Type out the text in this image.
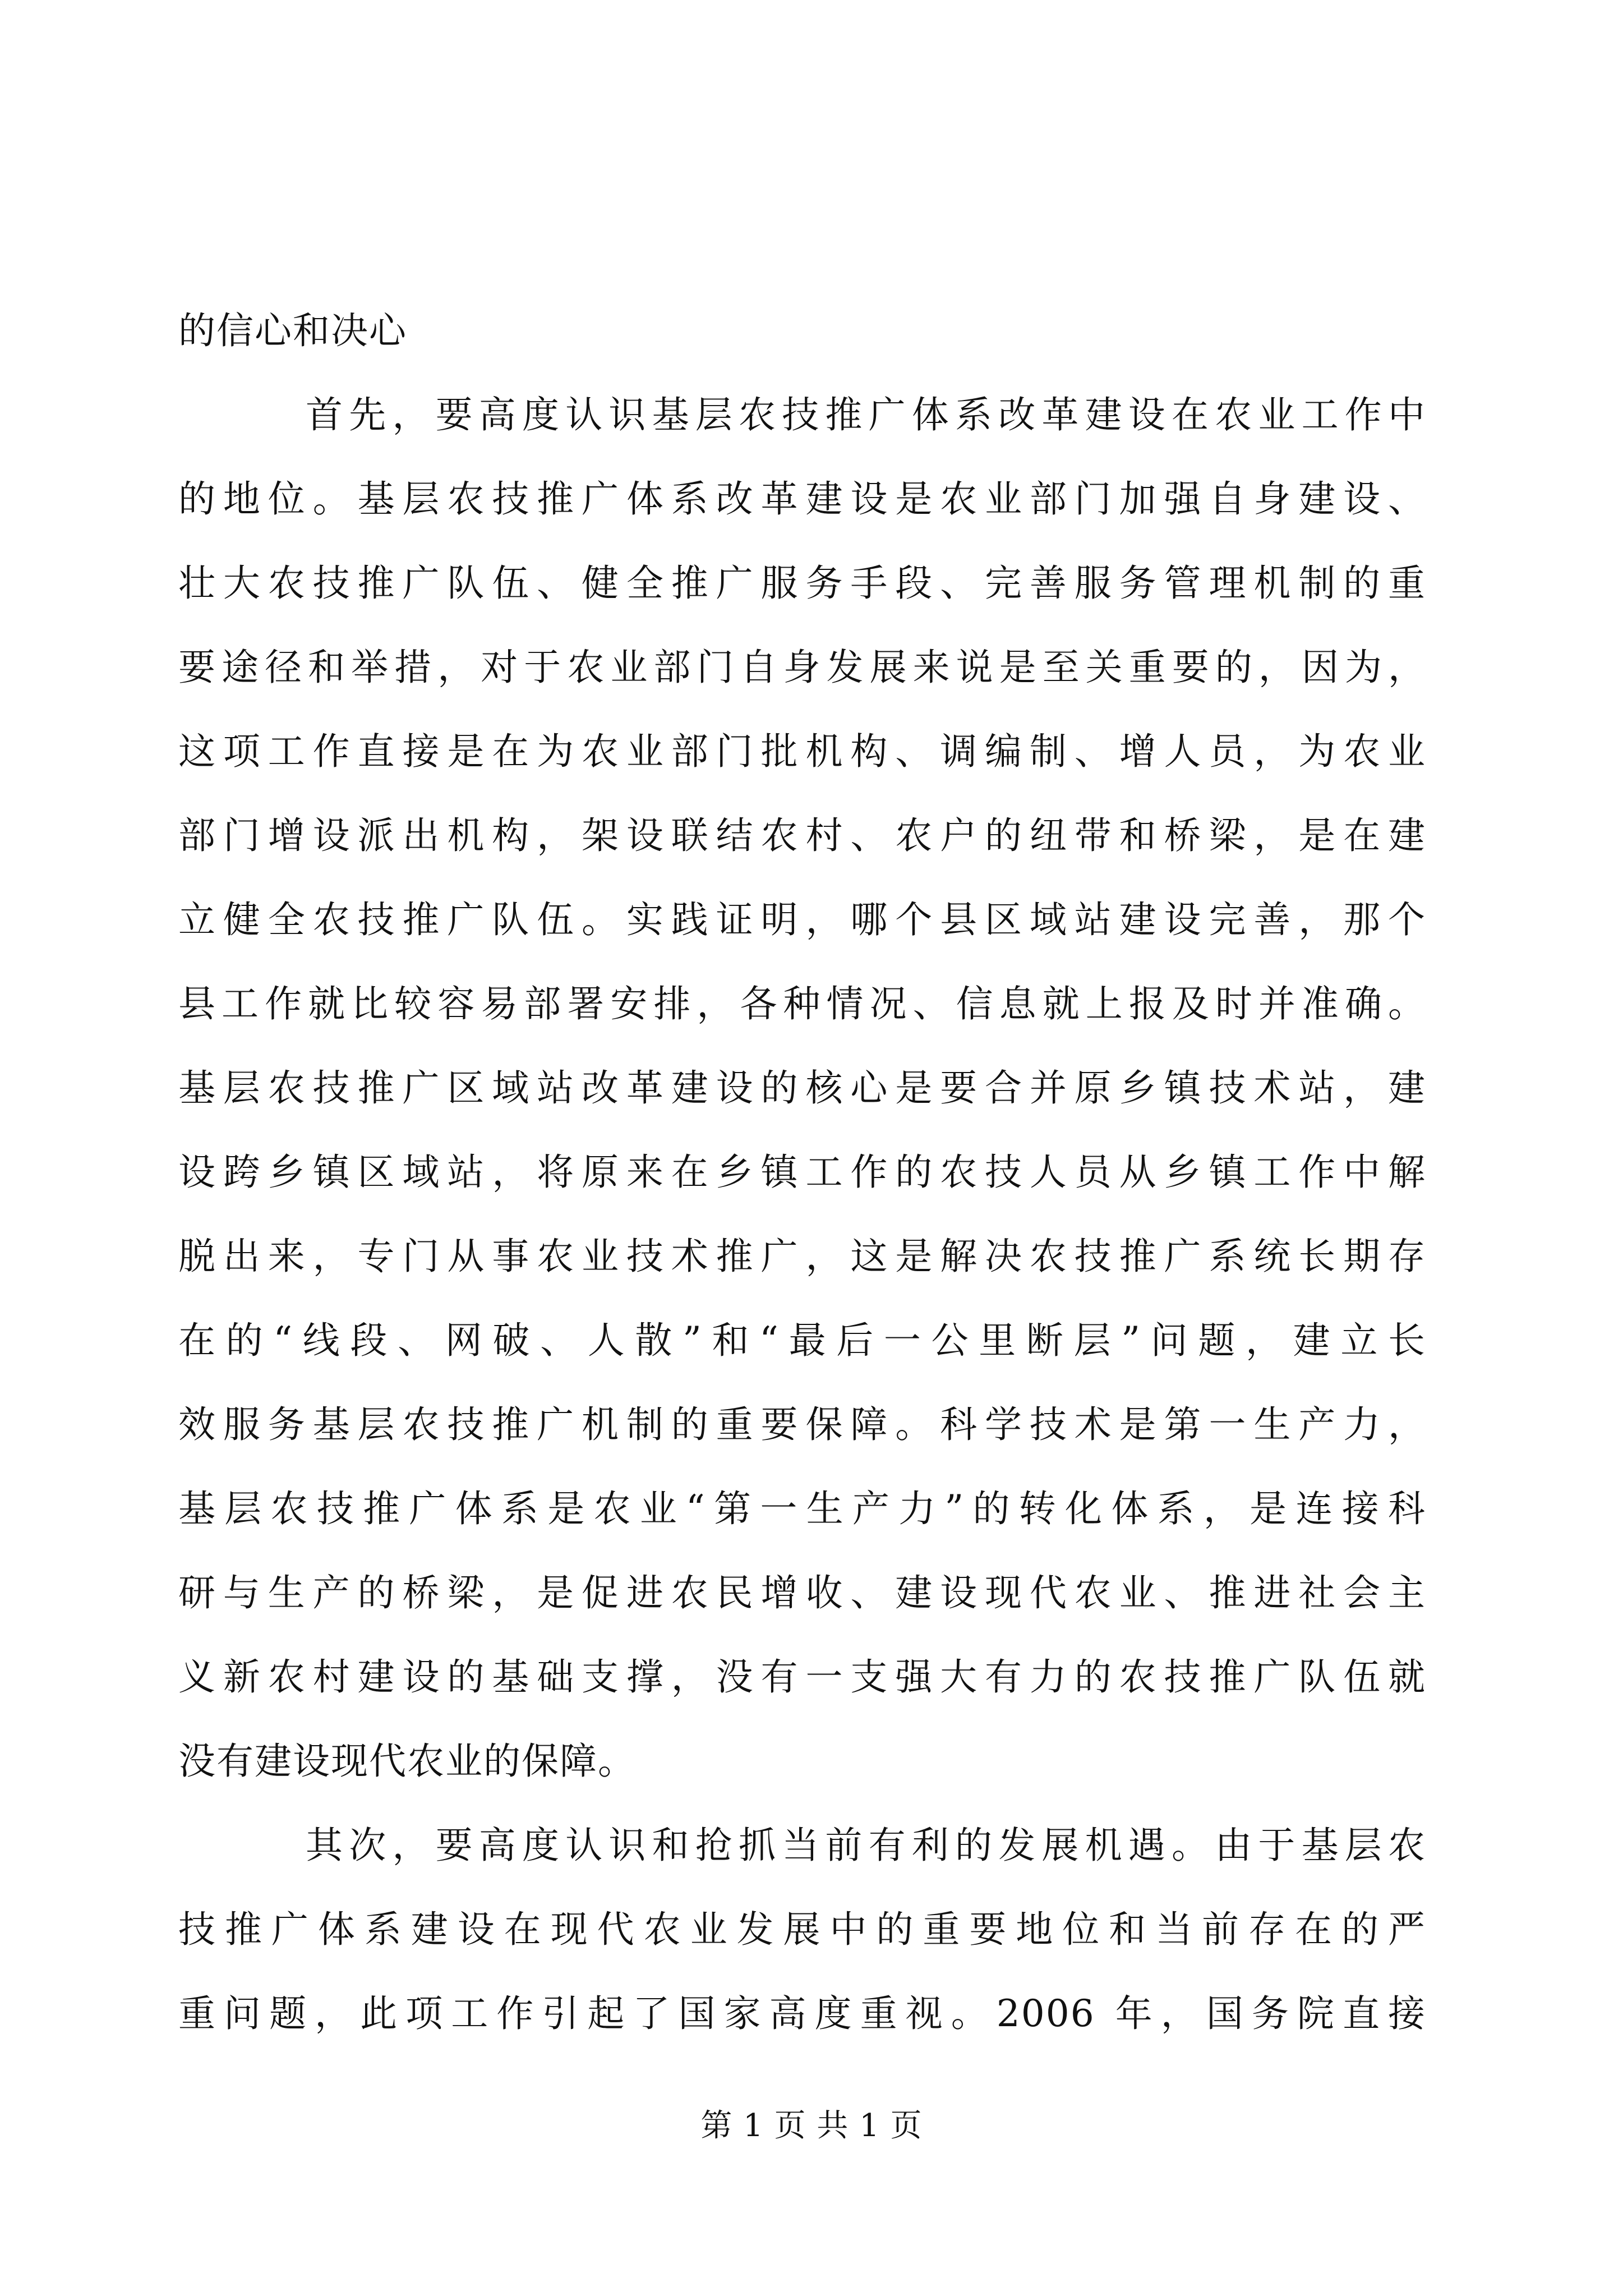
的信心和决心
首先，要高度认识基层农技推广体系改革建设在农业工作中
的地位。基层农技推广体系改革建设是农业部门加强自身建设、
壮大农技推广队伍、健全推广服务手段、完善服务管理机制的重
要途径和举措，对于农业部门自身发展来说是至关重要的，因为，
这项工作直接是在为农业部门批机构、调编制、增人员，为农业
部门增设派出机构，架设联结农村、农户的纽带和桥梁，是在建
立健全农技推广队伍。实践证明，哪个县区域站建设完善，那个
县工作就比较容易部署安排，各种情况、信息就上报及时并准确。
基层农技推广区域站改革建设的核心是要合并原乡镇技术站，建
设跨乡镇区域站，将原来在乡镇工作的农技人员从乡镇工作中解
脱出来，专门从事农业技术推广，这是解决农技推广系统长期存
在的“线段、网破、人散”和“最后一公里断层”问题，建立长
效服务基层农技推广机制的重要保障。科学技术是第一生产力，
基层农技推广体系是农业“第一生产力”的转化体系，是连接科
研与生产的桥梁，是促进农民增收、建设现代农业、推进社会主
义新农村建设的基础支撑，没有一支强大有力的农技推广队伍就
没有建设现代农业的保障。
其次，要高度认识和抢抓当前有利的发展机遇。由于基层农
技推广体系建设在现代农业发展中的重要地位和当前存在的严
重问题，此项工作引起了国家高度重视。2006 年，国务院直接
第 1 页 共 1 页
